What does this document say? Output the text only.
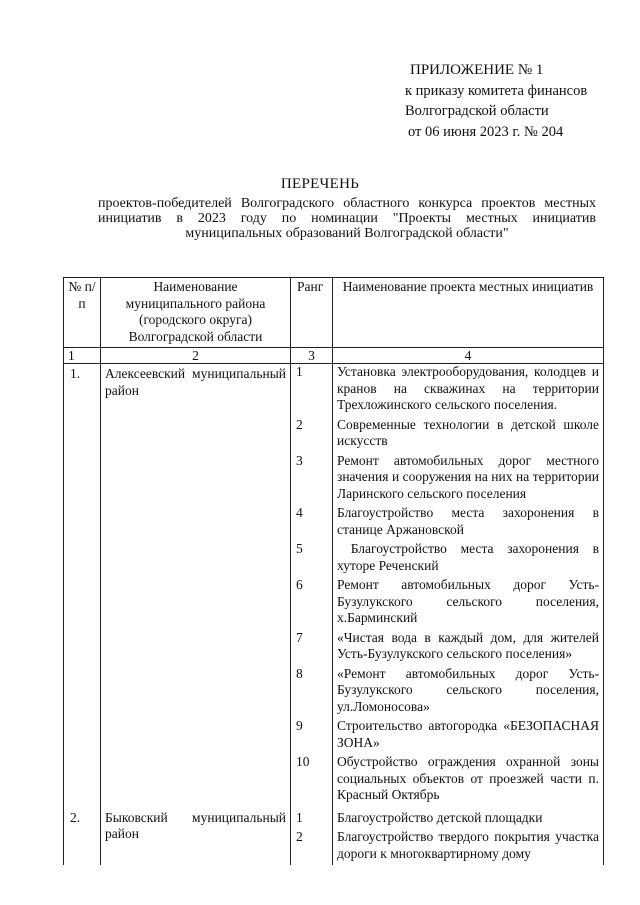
ПРИЛОЖЕНИЕ № 1
к приказу комитета финансов
Волгоградской области
от 06 июня 2023 г. № 204
ПЕРЕЧЕНЬ
проектов-победителей Волгоградского областного конкурса проектов местных инициатив в 2023 году по номинации "Проекты местных инициатив муниципальных образований Волгоградской области"
№ п/п	Наименование муниципального района (городского округа) Волгоградской области	Ранг	Наименование проекта местных инициатив
1	2	3	4
1.	Алексеевский муниципальный район	1	Установка электрооборудования, колодцев и кранов на скважинах на территории Трехложинского сельского поселения.
		2	Современные технологии в детской школе искусств
		3	Ремонт автомобильных дорог местного значения и сооружения на них на территории Ларинского сельского поселения
		4	Благоустройство места захоронения в станице Аржановской
		5	Благоустройство места захоронения в хуторе Реченский
		6	Ремонт автомобильных дорог Усть-Бузулукского сельского поселения, х.Барминский
		7	«Чистая вода в каждый дом, для жителей Усть-Бузулукского сельского поселения»
		8	«Ремонт автомобильных дорог Усть-Бузулукского сельского поселения, ул.Ломоносова»
		9	Строительство автогородка «БЕЗОПАСНАЯ ЗОНА»
		10	Обустройство ограждения охранной зоны социальных объектов от проезжей части п. Красный Октябрь
2.	Быковский муниципальный район	1	Благоустройство детской площадки
		2	Благоустройство твердого покрытия участка дороги к многоквартирному дому
